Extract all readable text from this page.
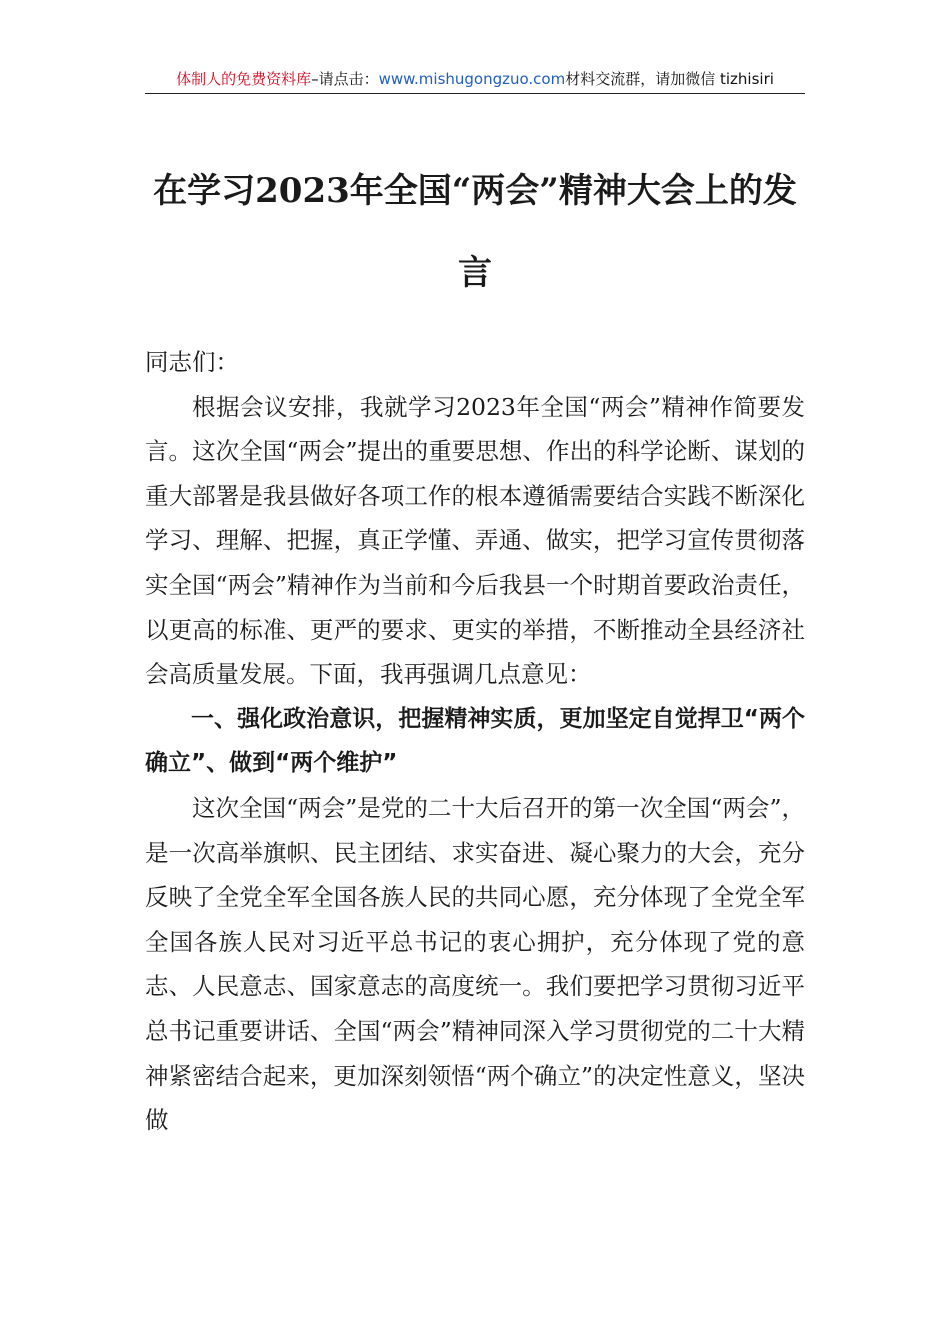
体制人的免费资料库–请点击：www.mishugongzuo.com材料交流群，请加微信 tizhisiri
在学习2023年全国“两会”精神大会上的发言

同志们：

根据会议安排，我就学习2023年全国“两会”精神作简要发言。这次全国“两会”提出的重要思想、作出的科学论断、谋划的重大部署是我县做好各项工作的根本遵循需要结合实践不断深化学习、理解、把握，真正学懂、弄通、做实，把学习宣传贯彻落实全国“两会”精神作为当前和今后我县一个时期首要政治责任，以更高的标准、更严的要求、更实的举措，不断推动全县经济社会高质量发展。下面，我再强调几点意见：

一、强化政治意识，把握精神实质，更加坚定自觉捍卫“两个确立”、做到“两个维护”

这次全国“两会”是党的二十大后召开的第一次全国“两会”，是一次高举旗帜、民主团结、求实奋进、凝心聚力的大会，充分反映了全党全军全国各族人民的共同心愿，充分体现了全党全军全国各族人民对习近平总书记的衷心拥护，充分体现了党的意志、人民意志、国家意志的高度统一。我们要把学习贯彻习近平总书记重要讲话、全国“两会”精神同深入学习贯彻党的二十大精神紧密结合起来，更加深刻领悟“两个确立”的决定性意义，坚决做
